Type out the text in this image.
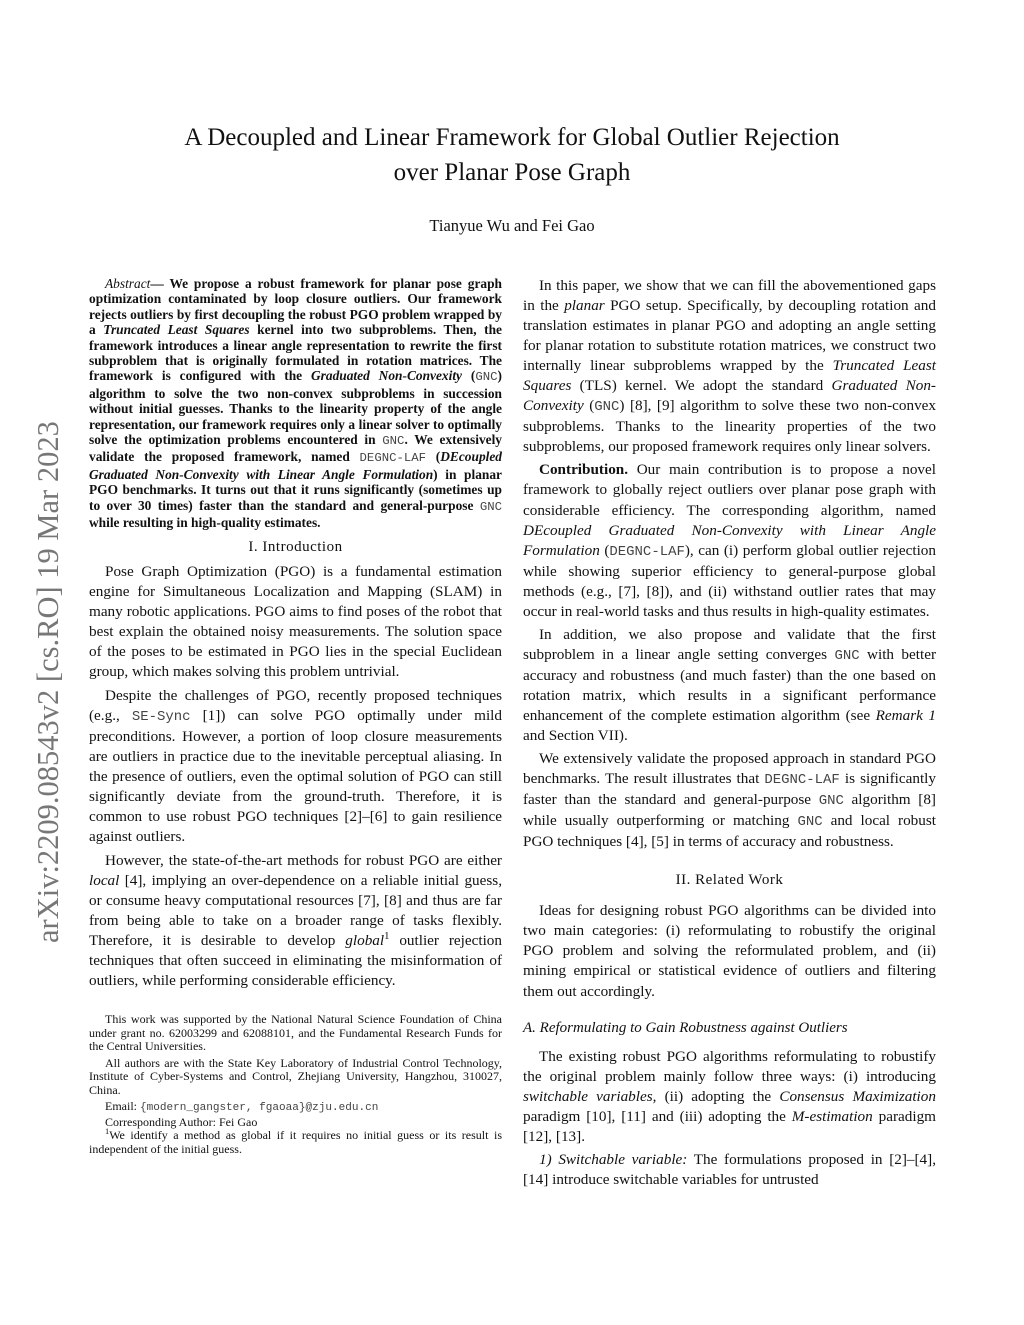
arXiv:2209.08543v2 [cs.RO] 19 Mar 2023
A Decoupled and Linear Framework for Global Outlier Rejection
over Planar Pose Graph
Tianyue Wu and Fei Gao

Abstract— We propose a robust framework for planar pose graph optimization contaminated by loop closure outliers. Our framework rejects outliers by first decoupling the robust PGO problem wrapped by a Truncated Least Squares kernel into two subproblems. Then, the framework introduces a linear angle representation to rewrite the first subproblem that is originally formulated in rotation matrices. The framework is configured with the Graduated Non-Convexity (GNC) algorithm to solve the two non-convex subproblems in succession without initial guesses. Thanks to the linearity property of the angle representation, our framework requires only a linear solver to optimally solve the optimization problems encountered in GNC. We extensively validate the proposed framework, named DEGNC-LAF (DEcoupled Graduated Non-Convexity with Linear Angle Formulation) in planar PGO benchmarks. It turns out that it runs significantly (sometimes up to over 30 times) faster than the standard and general-purpose GNC while resulting in high-quality estimates.

I. Introduction

Pose Graph Optimization (PGO) is a fundamental estimation engine for Simultaneous Localization and Mapping (SLAM) in many robotic applications. PGO aims to find poses of the robot that best explain the obtained noisy measurements. The solution space of the poses to be estimated in PGO lies in the special Euclidean group, which makes solving this problem untrivial.

Despite the challenges of PGO, recently proposed techniques (e.g., SE-Sync [1]) can solve PGO optimally under mild preconditions. However, a portion of loop closure measurements are outliers in practice due to the inevitable perceptual aliasing. In the presence of outliers, even the optimal solution of PGO can still significantly deviate from the ground-truth. Therefore, it is common to use robust PGO techniques [2]–[6] to gain resilience against outliers.

However, the state-of-the-art methods for robust PGO are either local [4], implying an over-dependence on a reliable initial guess, or consume heavy computational resources [7], [8] and thus are far from being able to take on a broader range of tasks flexibly. Therefore, it is desirable to develop global$^1$ outlier rejection techniques that often succeed in eliminating the misinformation of outliers, while performing considerable efficiency.

This work was supported by the National Natural Science Foundation of China under grant no. 62003299 and 62088101, and the Fundamental Research Funds for the Central Universities.

All authors are with the State Key Laboratory of Industrial Control Technology, Institute of Cyber-Systems and Control, Zhejiang University, Hangzhou, 310027, China.

Email: {modern_gangster, fgaoaa}@zju.edu.cn

Corresponding Author: Fei Gao

$^1$We identify a method as global if it requires no initial guess or its result is independent of the initial guess.

In this paper, we show that we can fill the abovementioned gaps in the planar PGO setup. Specifically, by decoupling rotation and translation estimates in planar PGO and adopting an angle setting for planar rotation to substitute rotation matrices, we construct two internally linear subproblems wrapped by the Truncated Least Squares (TLS) kernel. We adopt the standard Graduated Non-Convexity (GNC) [8], [9] algorithm to solve these two non-convex subproblems. Thanks to the linearity properties of the two subproblems, our proposed framework requires only linear solvers.

Contribution. Our main contribution is to propose a novel framework to globally reject outliers over planar pose graph with considerable efficiency. The corresponding algorithm, named DEcoupled Graduated Non-Convexity with Linear Angle Formulation (DEGNC-LAF), can (i) perform global outlier rejection while showing superior efficiency to general-purpose global methods (e.g., [7], [8]), and (ii) withstand outlier rates that may occur in real-world tasks and thus results in high-quality estimates.

In addition, we also propose and validate that the first subproblem in a linear angle setting converges GNC with better accuracy and robustness (and much faster) than the one based on rotation matrix, which results in a significant performance enhancement of the complete estimation algorithm (see Remark 1 and Section VII).

We extensively validate the proposed approach in standard PGO benchmarks. The result illustrates that DEGNC-LAF is significantly faster than the standard and general-purpose GNC algorithm [8] while usually outperforming or matching GNC and local robust PGO techniques [4], [5] in terms of accuracy and robustness.

II. Related Work

Ideas for designing robust PGO algorithms can be divided into two main categories: (i) reformulating to robustify the original PGO problem and solving the reformulated problem, and (ii) mining empirical or statistical evidence of outliers and filtering them out accordingly.

A. Reformulating to Gain Robustness against Outliers

The existing robust PGO algorithms reformulating to robustify the original problem mainly follow three ways: (i) introducing switchable variables, (ii) adopting the Consensus Maximization paradigm [10], [11] and (iii) adopting the M-estimation paradigm [12], [13].

1) Switchable variable: The formulations proposed in [2]–[4], [14] introduce switchable variables for untrusted
